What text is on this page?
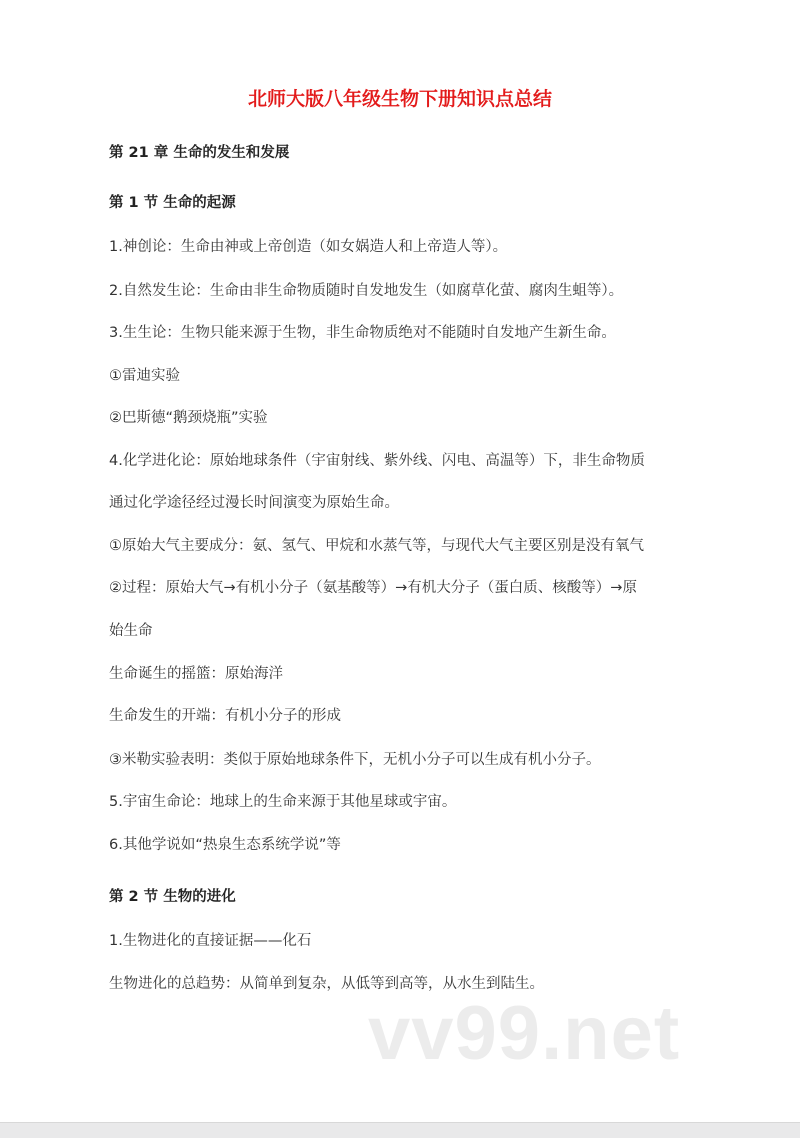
北师大版八年级生物下册知识点总结
第 21 章 生命的发生和发展
第 1 节 生命的起源
1.神创论：生命由神或上帝创造（如女娲造人和上帝造人等）。
2.自然发生论：生命由非生命物质随时自发地发生（如腐草化萤、腐肉生蛆等）。
3.生生论：生物只能来源于生物，非生命物质绝对不能随时自发地产生新生命。
①雷迪实验
②巴斯德“鹅颈烧瓶”实验
4.化学进化论：原始地球条件（宇宙射线、紫外线、闪电、高温等）下，非生命物质
通过化学途径经过漫长时间演变为原始生命。
①原始大气主要成分：氨、氢气、甲烷和水蒸气等，与现代大气主要区别是没有氧气
②过程：原始大气→有机小分子（氨基酸等）→有机大分子（蛋白质、核酸等）→原
始生命
生命诞生的摇篮：原始海洋
生命发生的开端：有机小分子的形成
③米勒实验表明：类似于原始地球条件下，无机小分子可以生成有机小分子。
5.宇宙生命论：地球上的生命来源于其他星球或宇宙。
6.其他学说如“热泉生态系统学说”等
第 2 节 生物的进化
1.生物进化的直接证据——化石
生物进化的总趋势：从简单到复杂，从低等到高等，从水生到陆生。
vv99.net
